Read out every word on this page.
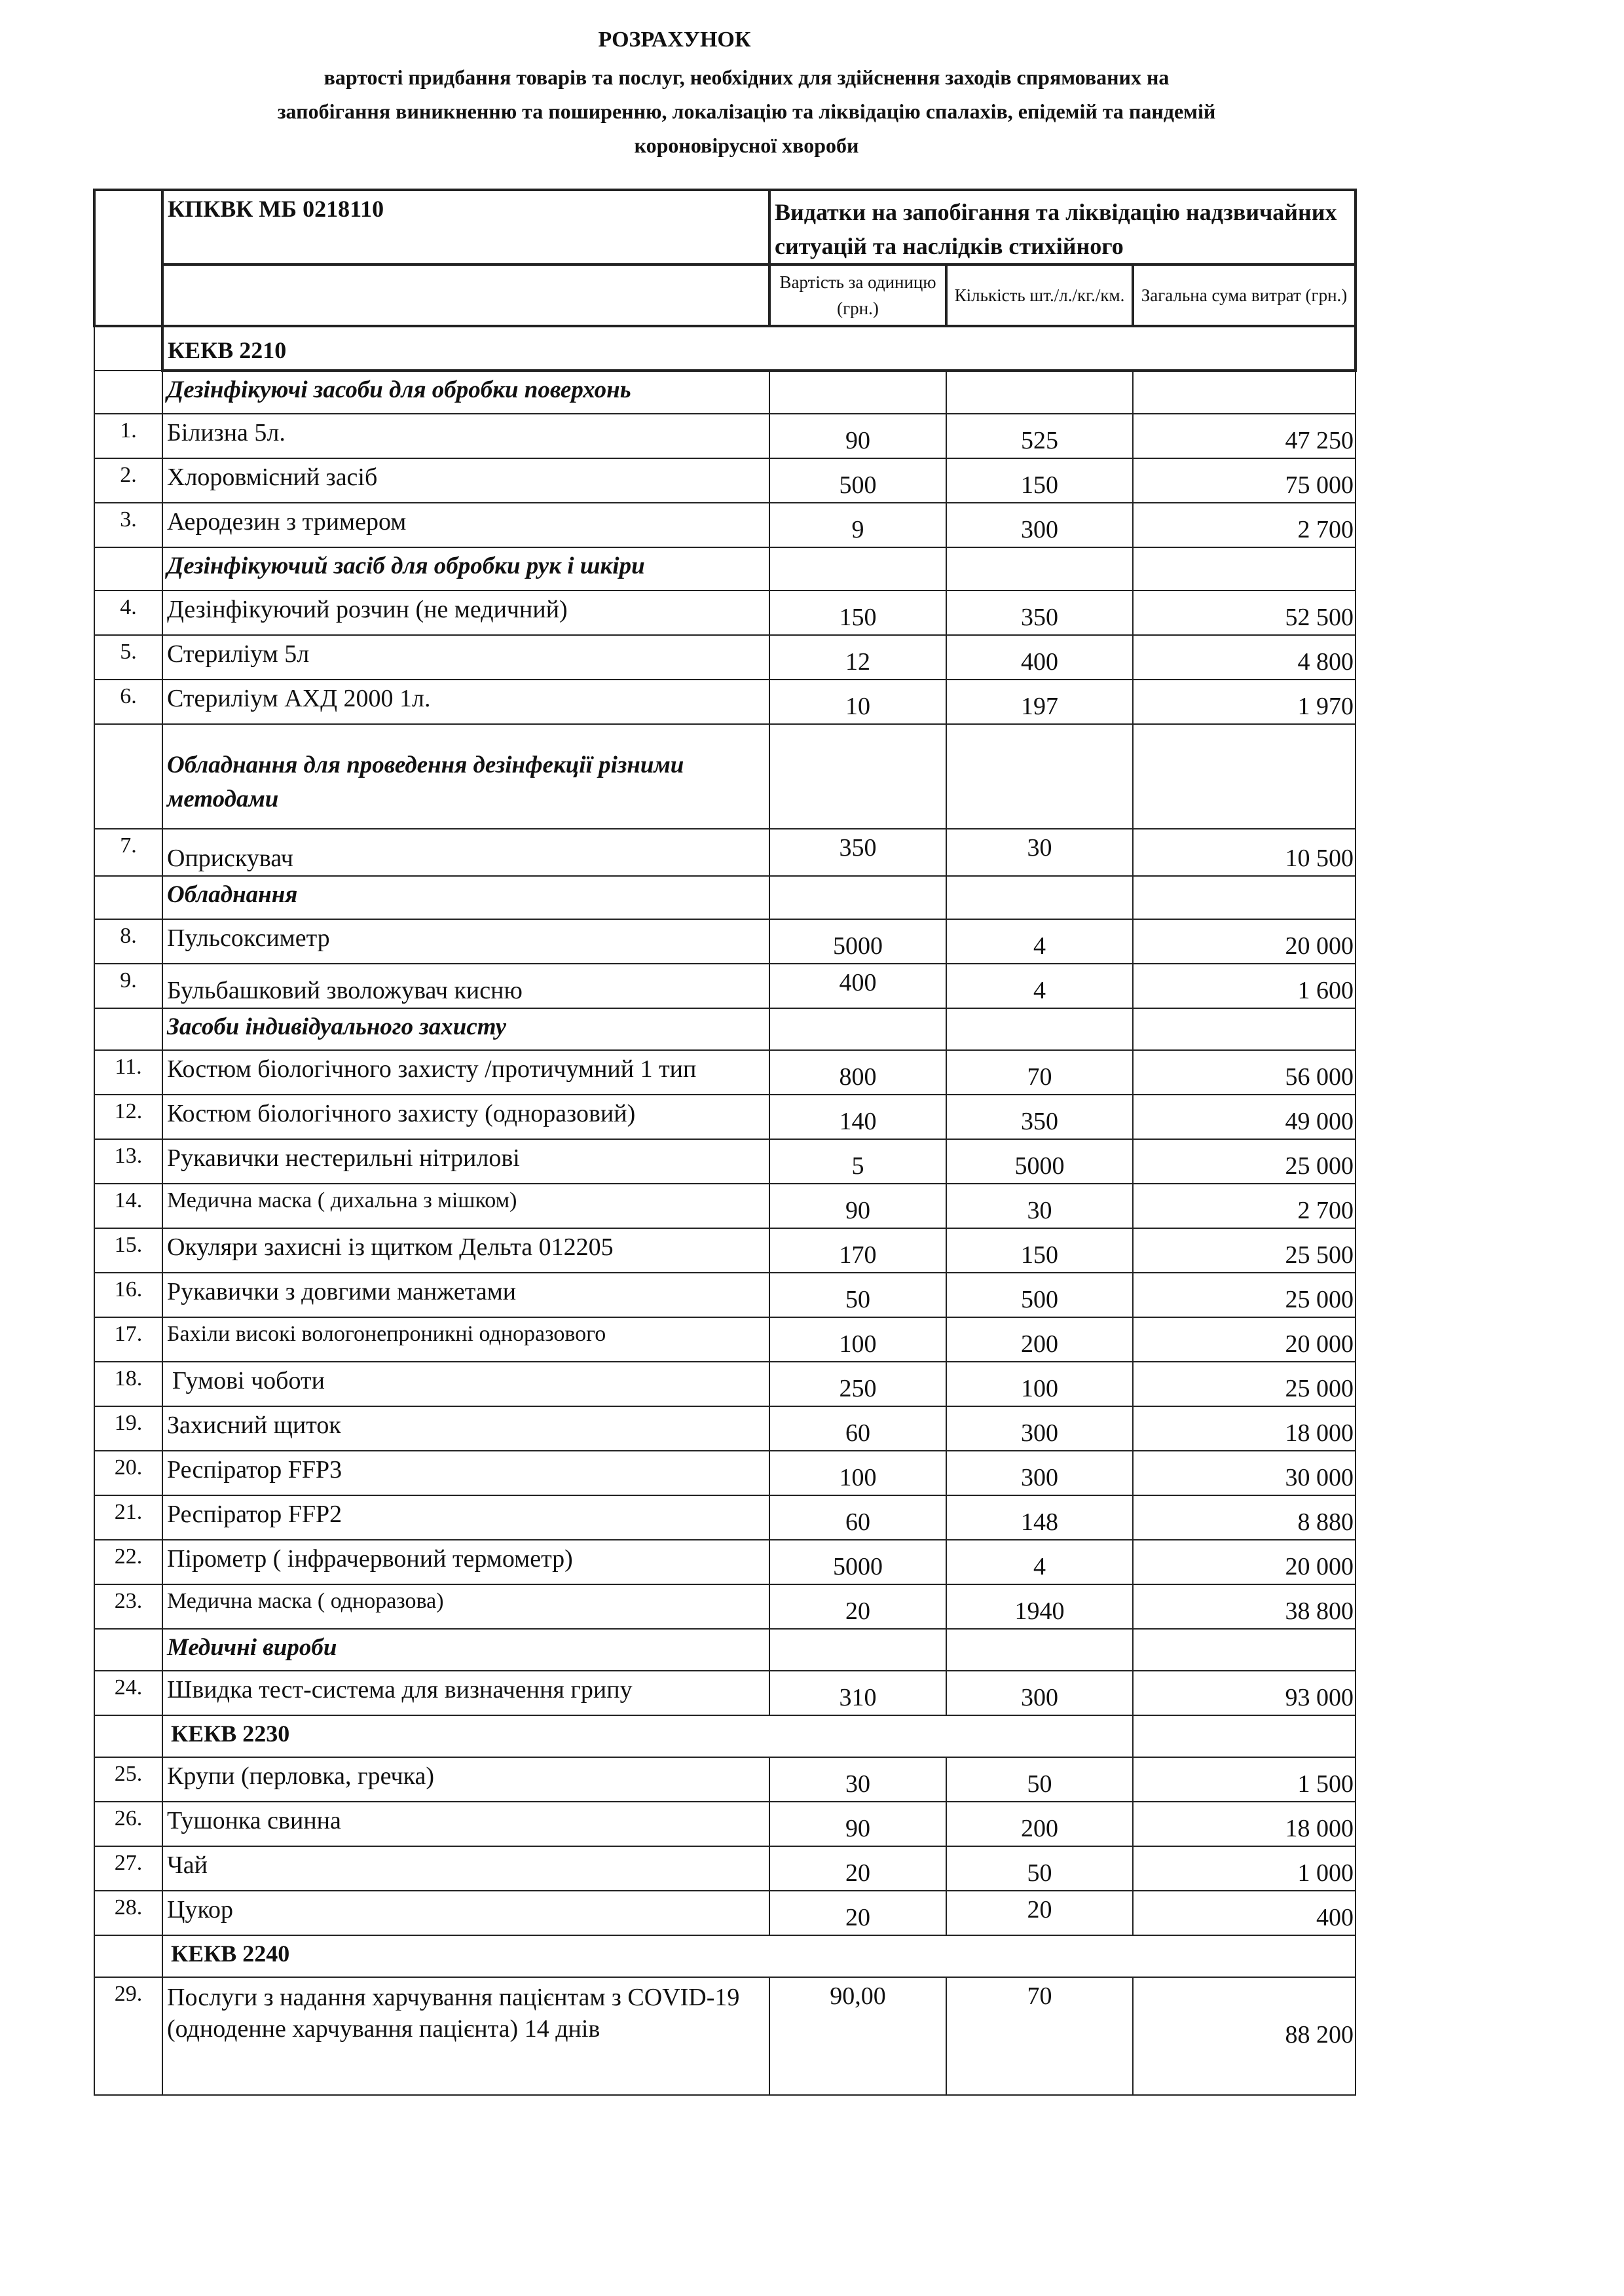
РОЗРАХУНОК
вартості придбання товарів та послуг, необхідних для здійснення заходів спрямованих на
запобігання виникненню та поширенню, локалізацію та ліквідацію спалахів, епідемій та пандемій
короновірусної хвороби
	КПКВК МБ 0218110	Видатки на запобігання та ліквідацію надзвичайних ситуацій та наслідків стихійного		
		Вартість за одиницю (грн.)	Кількість шт./л./кг./км.	Загальна сума витрат (грн.)
	КЕКВ 2210			
	Дезінфікуючі засоби для обробки поверхонь			
1.	Білизна 5л.	90	525	47 250
2.	Хлоровмісний засіб	500	150	75 000
3.	Аеродезин з тримером	9	300	2 700
	Дезінфікуючий засіб для обробки рук і шкіри			
4.	Дезінфікуючий розчин (не медичний)	150	350	52 500
5.	Стериліум 5л	12	400	4 800
6.	Стериліум АХД 2000 1л.	10	197	1 970
	Обладнання для проведення дезінфекції різними методами			
7.	Оприскувач	350	30	10 500
	Обладнання			
8.	Пульсоксиметр	5000	4	20 000
9.	Бульбашковий зволожувач кисню	400	4	1 600
	Засоби індивідуального захисту			
11.	Костюм біологічного захисту /протичумний 1 тип	800	70	56 000
12.	Костюм біологічного захисту (одноразовий)	140	350	49 000
13.	Рукавички нестерильні нітрилові	5	5000	25 000
14.	Медична маска ( дихальна з мішком)	90	30	2 700
15.	Окуляри захисні із щитком Дельта 012205	170	150	25 500
16.	Рукавички з довгими манжетами	50	500	25 000
17.	Бахіли високі вологонепроникні одноразового	100	200	20 000
18.	Гумові чоботи	250	100	25 000
19.	Захисний щиток	60	300	18 000
20.	Респіратор FFP3	100	300	30 000
21.	Респіратор FFP2	60	148	8 880
22.	Пірометр ( інфрачервоний термометр)	5000	4	20 000
23.	Медична маска ( одноразова)	20	1940	38 800
	Медичні вироби			
24.	Швидка тест-система для визначення грипу	310	300	93 000
	КЕКВ 2230			
25.	Крупи (перловка, гречка)	30	50	1 500
26.	Тушонка свинна	90	200	18 000
27.	Чай	20	50	1 000
28.	Цукор	20	20	400
	КЕКВ 2240			
29.	Послуги з надання харчування пацієнтам з COVID-19 (одноденне харчування пацієнта) 14 днів	90,00	70	88 200
